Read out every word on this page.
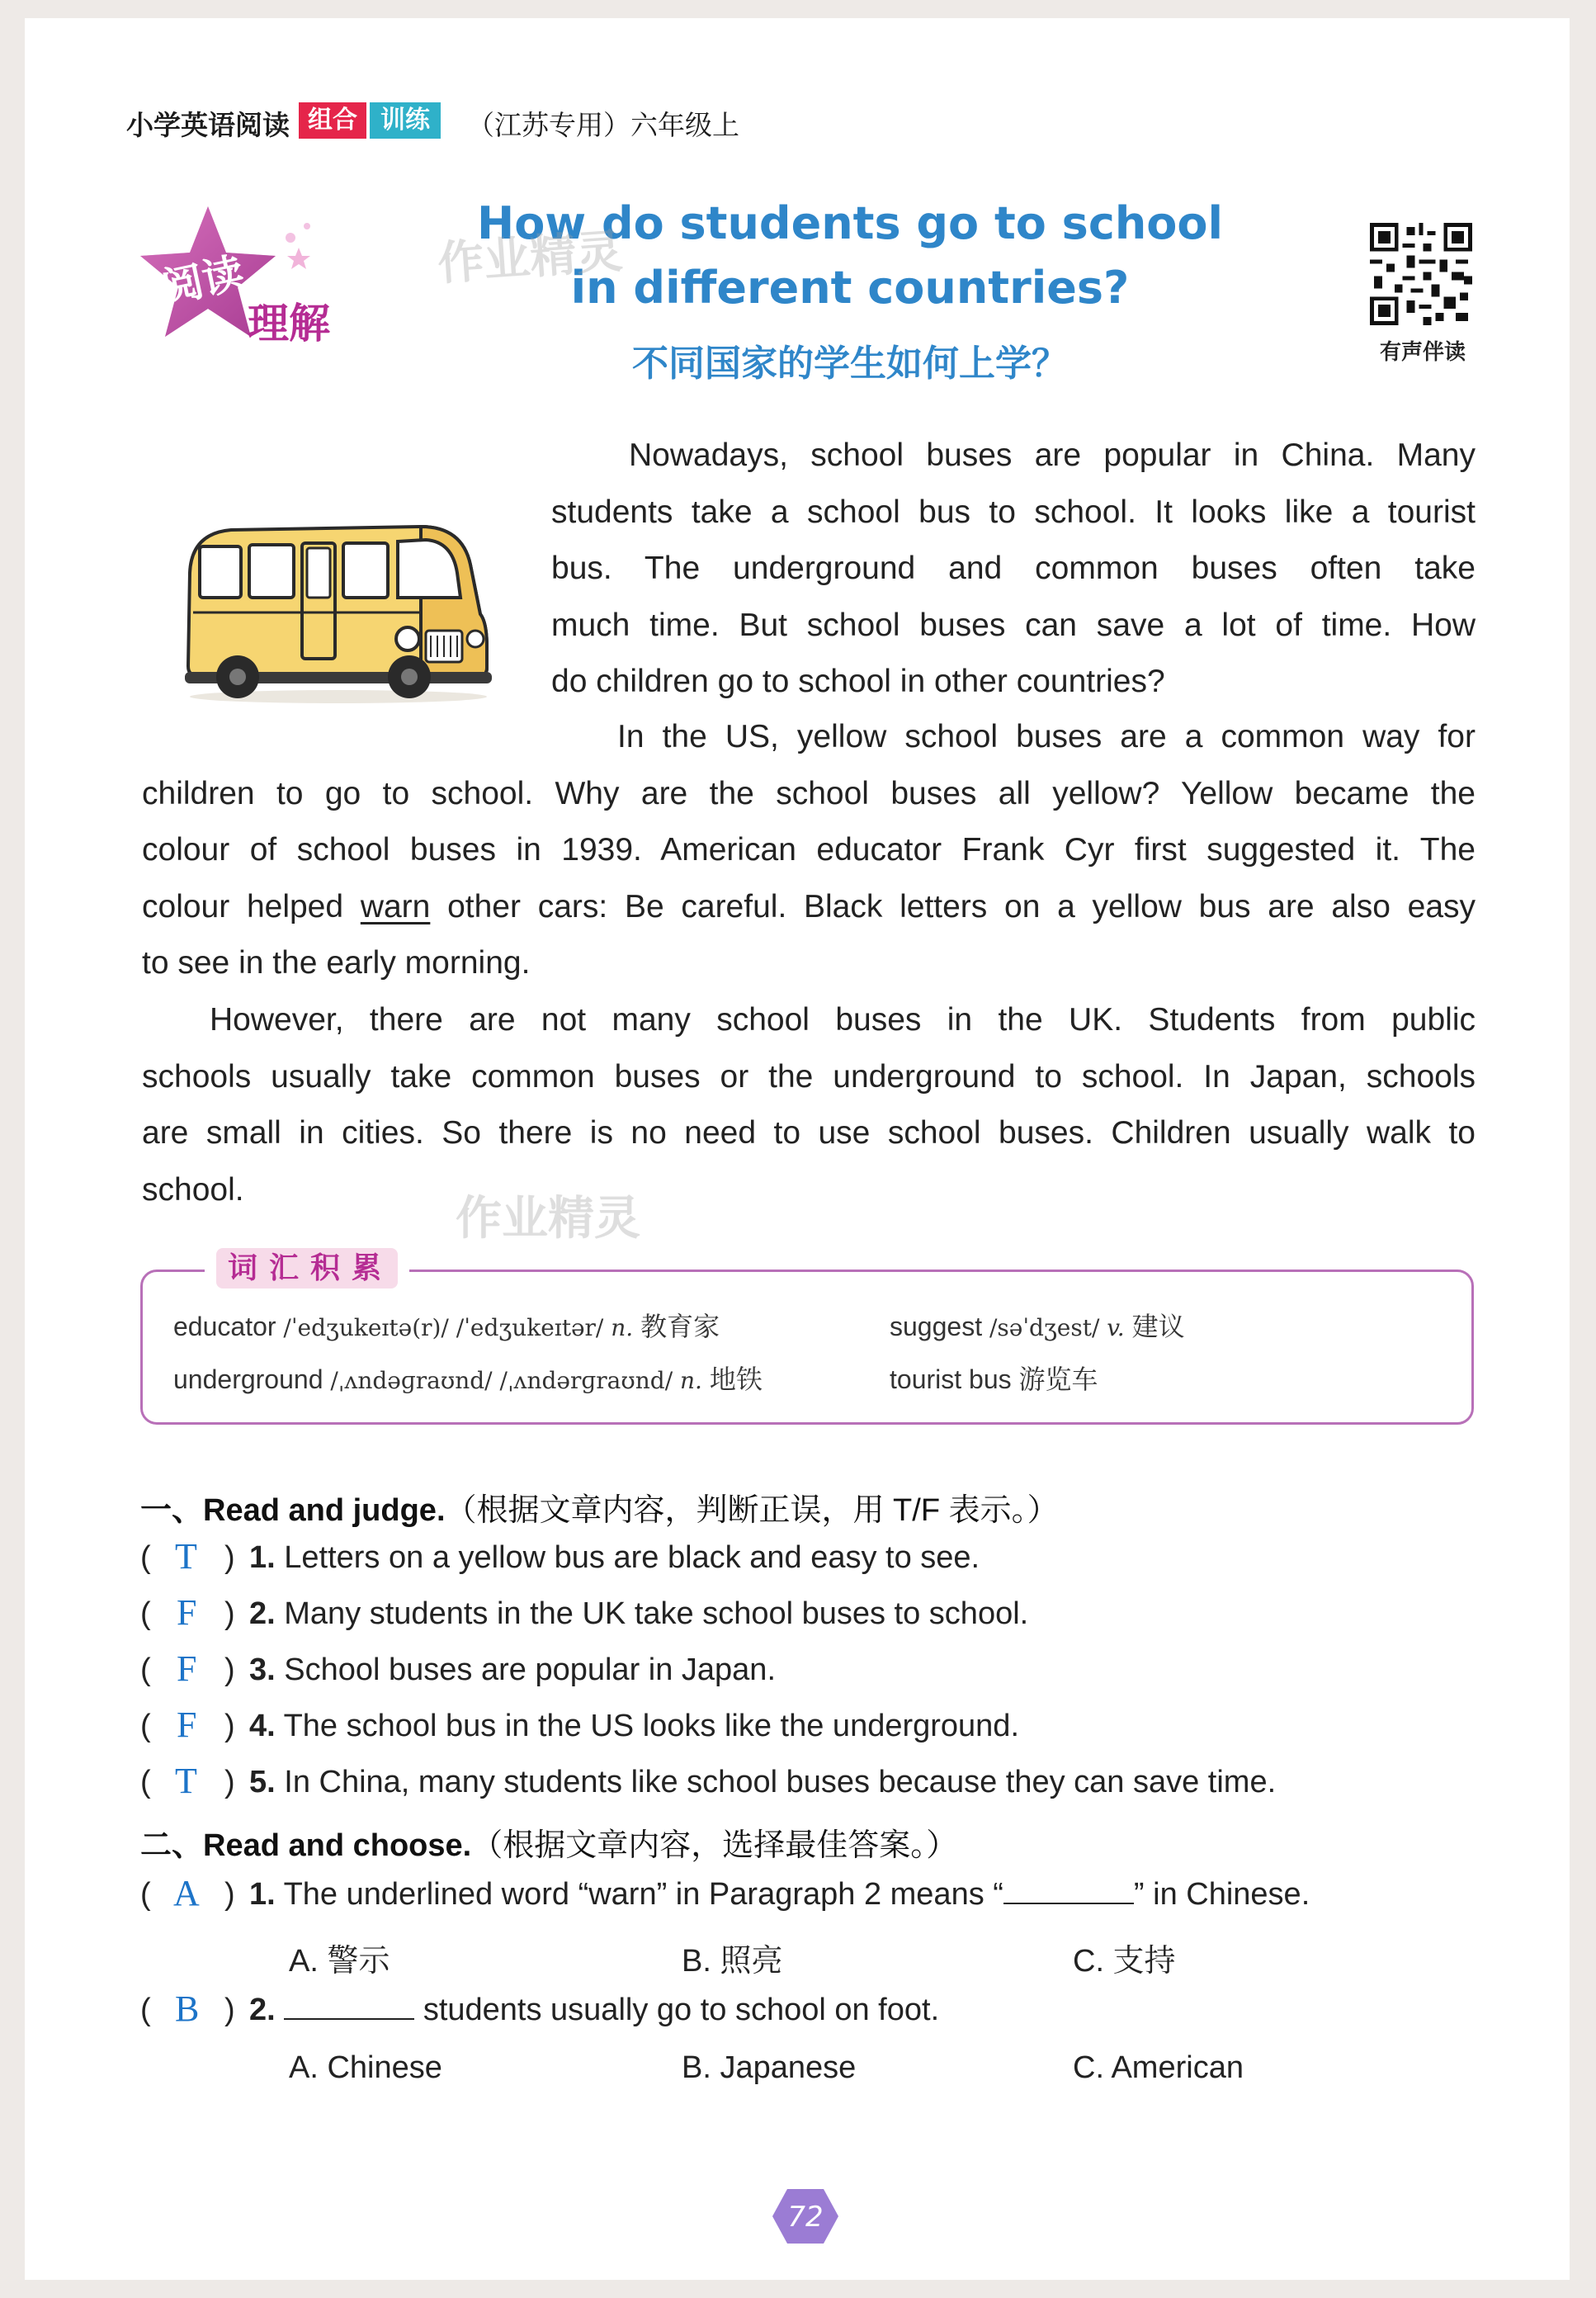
小学英语阅读 组合 训练	（江苏专用）六年级上
阅读
理解
How do students go to school
in different countries?
不同国家的学生如何上学？	有声伴读
作业精灵
作业精灵
Nowadays, school buses are popular in China. Many
students take a school bus to school. It looks like a tourist
bus. The underground and common buses often take
much time. But school buses can save a lot of time. How
do children go to school in other countries?
In the US, yellow school buses are a common way for
children to go to school. Why are the school buses all yellow? Yellow became the
colour of school buses in 1939. American educator Frank Cyr first suggested it. The
colour helped warn other cars: Be careful. Black letters on a yellow bus are also easy
to see in the early morning.
However, there are not many school buses in the UK. Students from public
schools usually take common buses or the underground to school. In Japan, schools
are small in cities. So there is no need to use school buses. Children usually walk to
school.
词汇积累
educator /ˈedʒukeɪtə(r)/ /ˈedʒukeɪtər/ n. 教育家	suggest /səˈdʒest/ v. 建议
underground /ˌʌndəɡraʊnd/ /ˌʌndərɡraʊnd/ n. 地铁	tourist bus 游览车
一、Read and judge.（根据文章内容，判断正误，用 T/F 表示。）
( T ) 1. Letters on a yellow bus are black and easy to see.
( F ) 2. Many students in the UK take school buses to school.
( F ) 3. School buses are popular in Japan.
( F ) 4. The school bus in the US looks like the underground.
( T ) 5. In China, many students like school buses because they can save time.
二、Read and choose.（根据文章内容，选择最佳答案。）
( A ) 1. The underlined word “warn” in Paragraph 2 means “	” in Chinese.
A. 警示	B. 照亮	C. 支持
( B ) 2.	students usually go to school on foot.
A. Chinese	B. Japanese	C. American
72
